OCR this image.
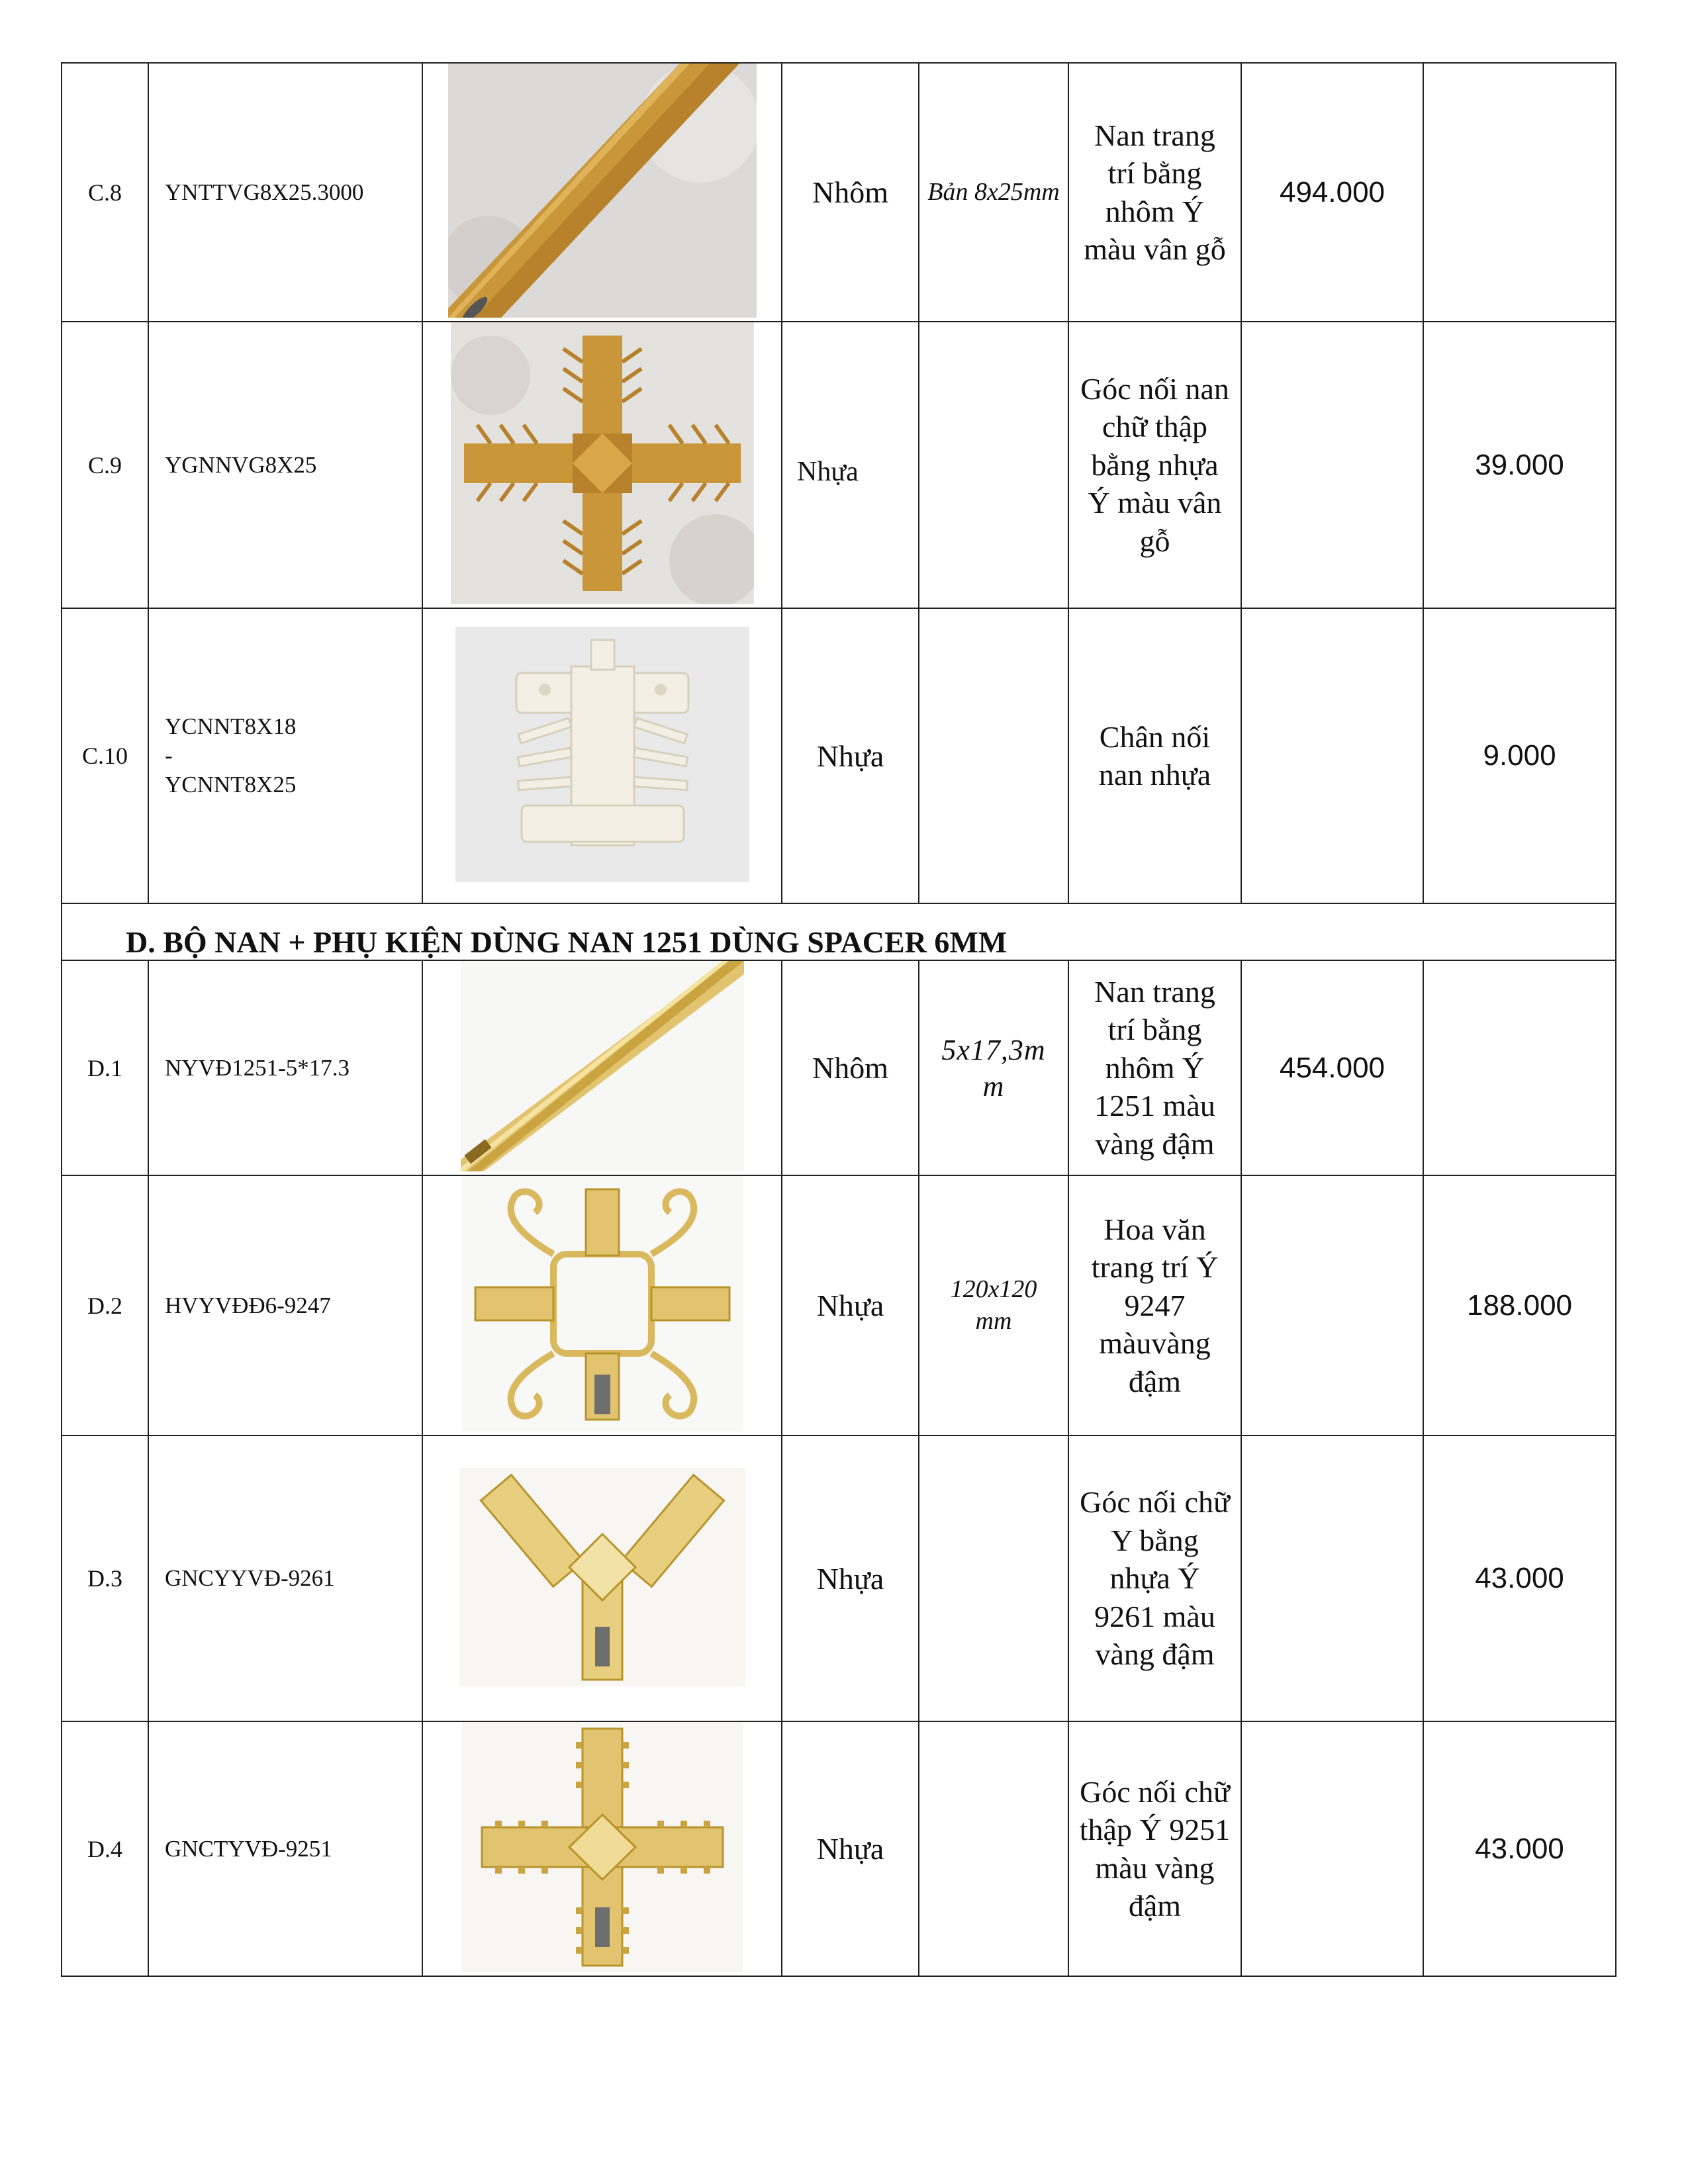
C.8	YNTTVG8X25.3000		Nhôm	Bản 8x25mm	Nan trang trí bằng nhôm Ý màu vân gỗ	494.000	
C.9	YGNNVG8X25		Nhựa		Góc nối nan chữ thập bằng nhựa Ý màu vân gỗ		39.000
C.10	YCNNT8X18
-
YCNNT8X25		Nhựa		Chân nối nan nhựa		9.000
D. BỘ NAN + PHỤ KIỆN DÙNG NAN 1251 DÙNG SPACER 6MM							
D.1	NYVĐ1251-5*17.3		Nhôm	5x17,3m
m	Nan trang trí bằng nhôm Ý 1251 màu vàng đậm	454.000	
D.2	HVYVĐĐ6-9247		Nhựa	120x120
mm	Hoa văn trang trí Ý 9247 màuvàng đậm		188.000
D.3	GNCYYVĐ-9261		Nhựa		Góc nối chữ Y bằng nhựa Ý 9261 màu vàng đậm		43.000
D.4	GNCTYVĐ-9251		Nhựa		Góc nối chữ thập Ý 9251 màu vàng đậm		43.000
